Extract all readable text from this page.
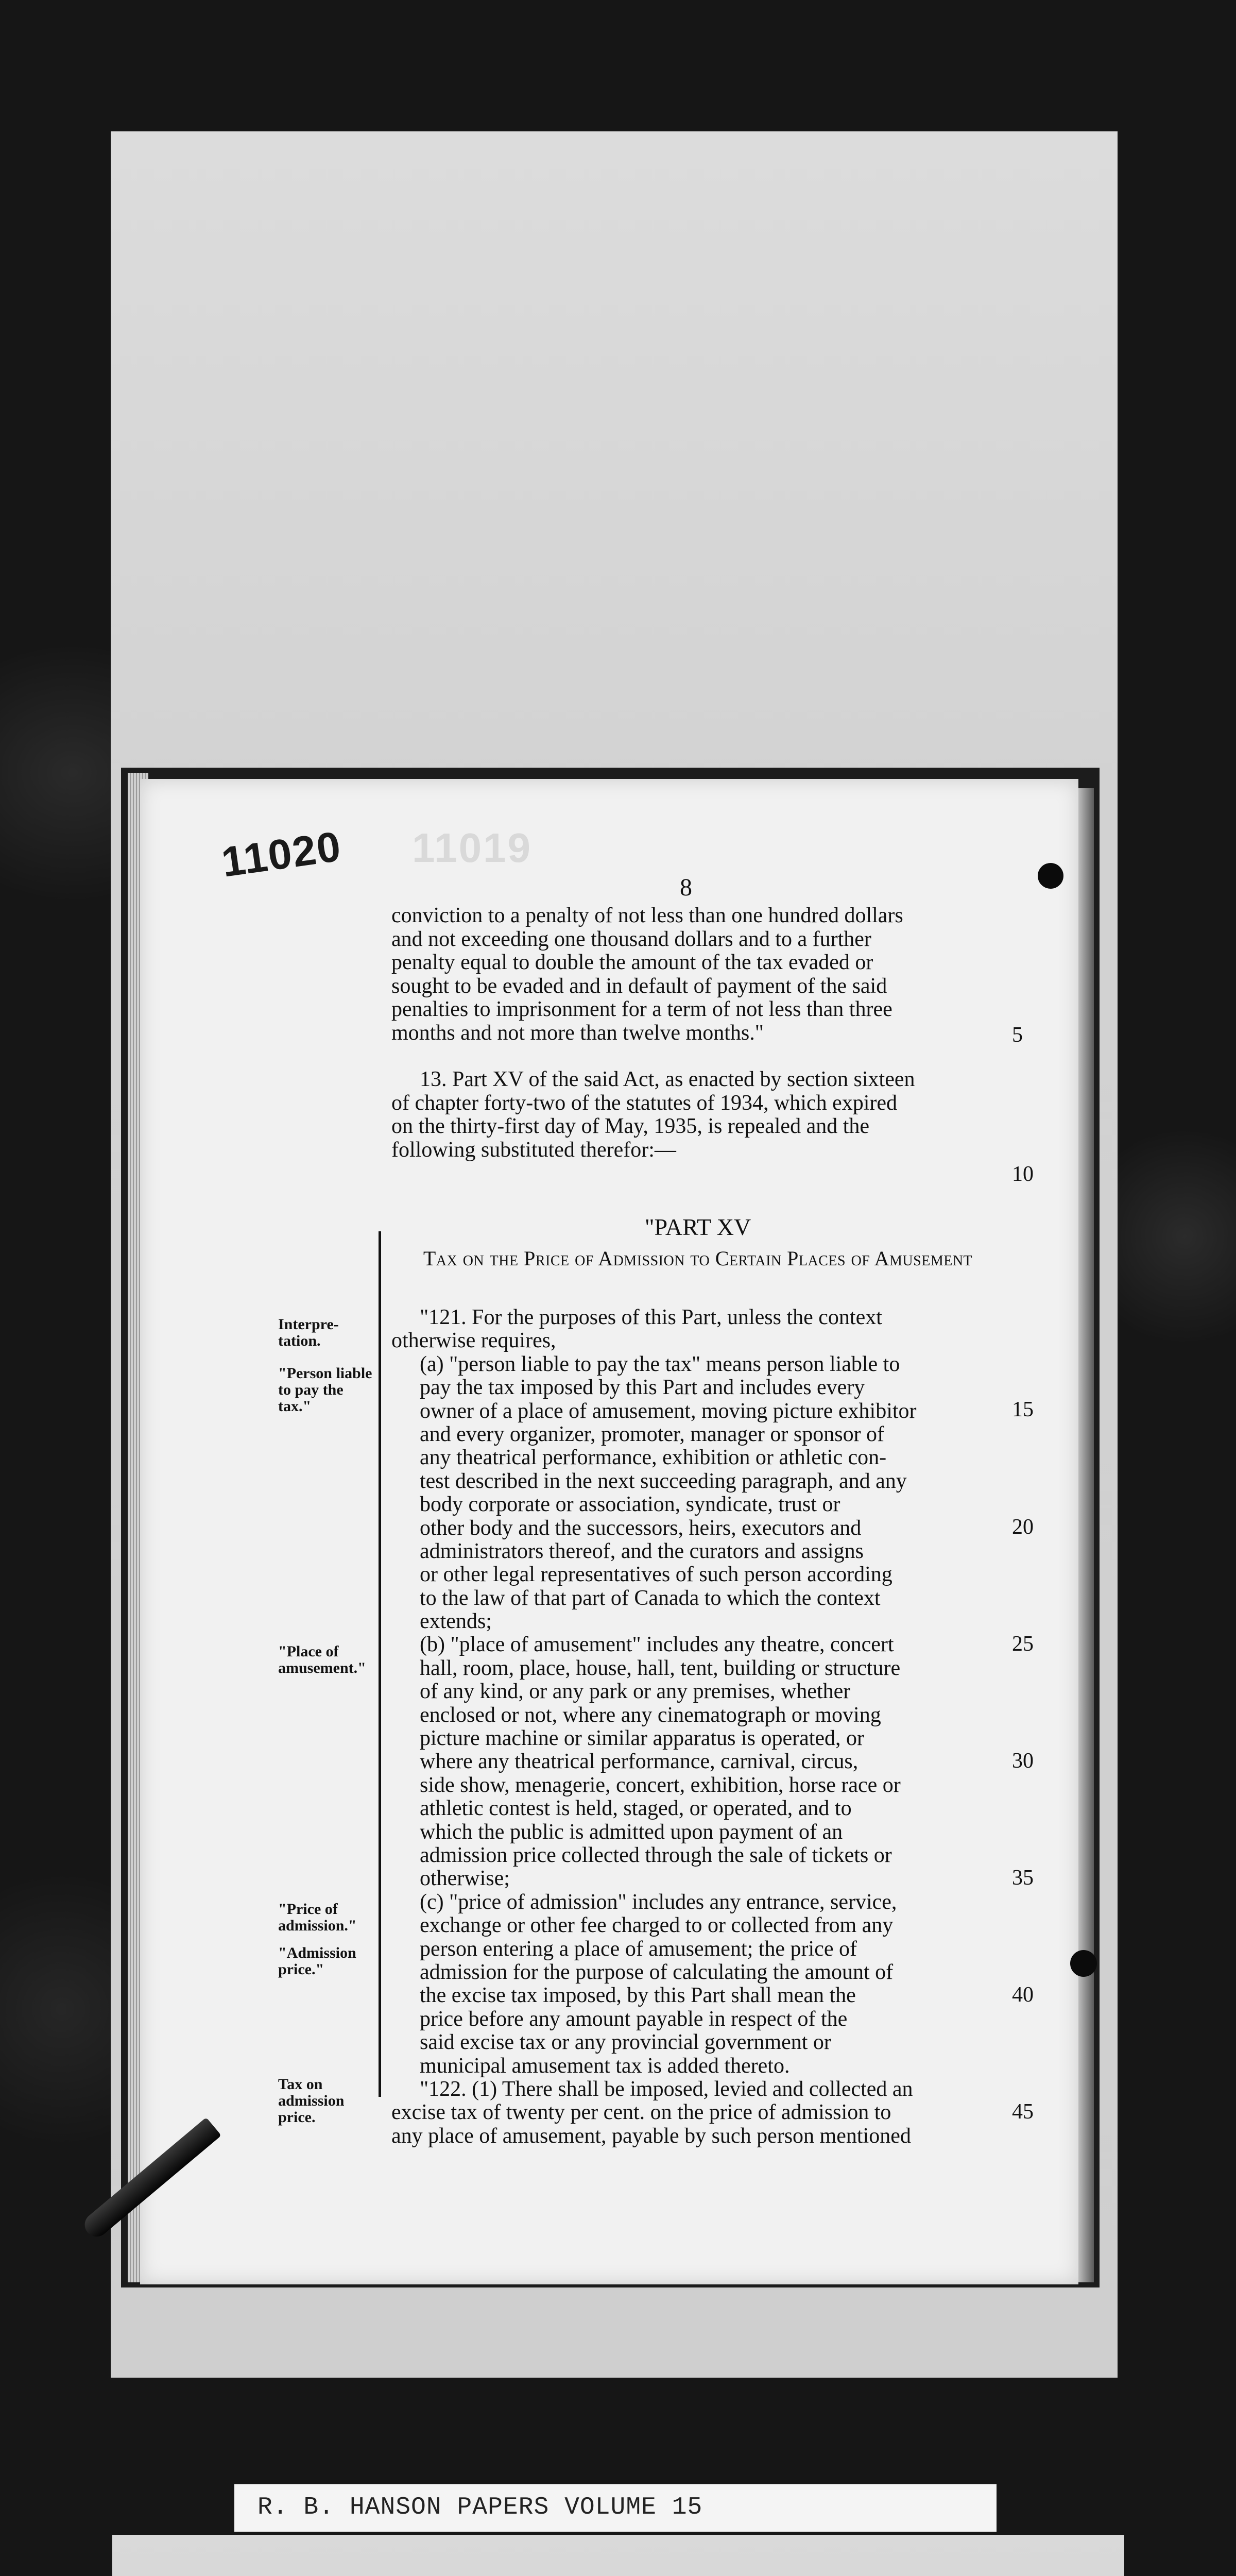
11019
11020
8

conviction to a penalty of not less than one hundred dollars

and not exceeding one thousand dollars and to a further

penalty equal to double the amount of the tax evaded or

sought to be evaded and in default of payment of the said

penalties to imprisonment for a term of not less than three

months and not more than twelve months."

13. Part XV of the said Act, as enacted by section sixteen

of chapter forty-two of the statutes of 1934, which expired

on the thirty-first day of May, 1935, is repealed and the

following substituted therefor:—

"PART XV
Tax on the Price of Admission to Certain Places of Amusement
"121. For the purposes of this Part, unless the context
otherwise requires,
(a) "person liable to pay the tax" means person liable to
pay the tax imposed by this Part and includes every
owner of a place of amusement, moving picture exhibitor
and every organizer, promoter, manager or sponsor of
any theatrical performance, exhibition or athletic con-
test described in the next succeeding paragraph, and any
body corporate or association, syndicate, trust or
other body and the successors, heirs, executors and
administrators thereof, and the curators and assigns
or other legal representatives of such person according
to the law of that part of Canada to which the context
extends;
(b) "place of amusement" includes any theatre, concert
hall, room, place, house, hall, tent, building or structure
of any kind, or any park or any premises, whether
enclosed or not, where any cinematograph or moving
picture machine or similar apparatus is operated, or
where any theatrical performance, carnival, circus,
side show, menagerie, concert, exhibition, horse race or
athletic contest is held, staged, or operated, and to
which the public is admitted upon payment of an
admission price collected through the sale of tickets or
otherwise;
(c) "price of admission" includes any entrance, service,
exchange or other fee charged to or collected from any
person entering a place of amusement; the price of
admission for the purpose of calculating the amount of
the excise tax imposed, by this Part shall mean the
price before any amount payable in respect of the
said excise tax or any provincial government or
municipal amusement tax is added thereto.
"122. (1) There shall be imposed, levied and collected an
excise tax of twenty per cent. on the price of admission to
any place of amusement, payable by such person mentioned
Interpre- tation.
"Person liable to pay the tax."
"Place of amusement."
"Price of admission."
"Admission price."
Tax on admission price.
5
10
15
20
25
30
35
40
45
R. B. HANSON PAPERS VOLUME 15
